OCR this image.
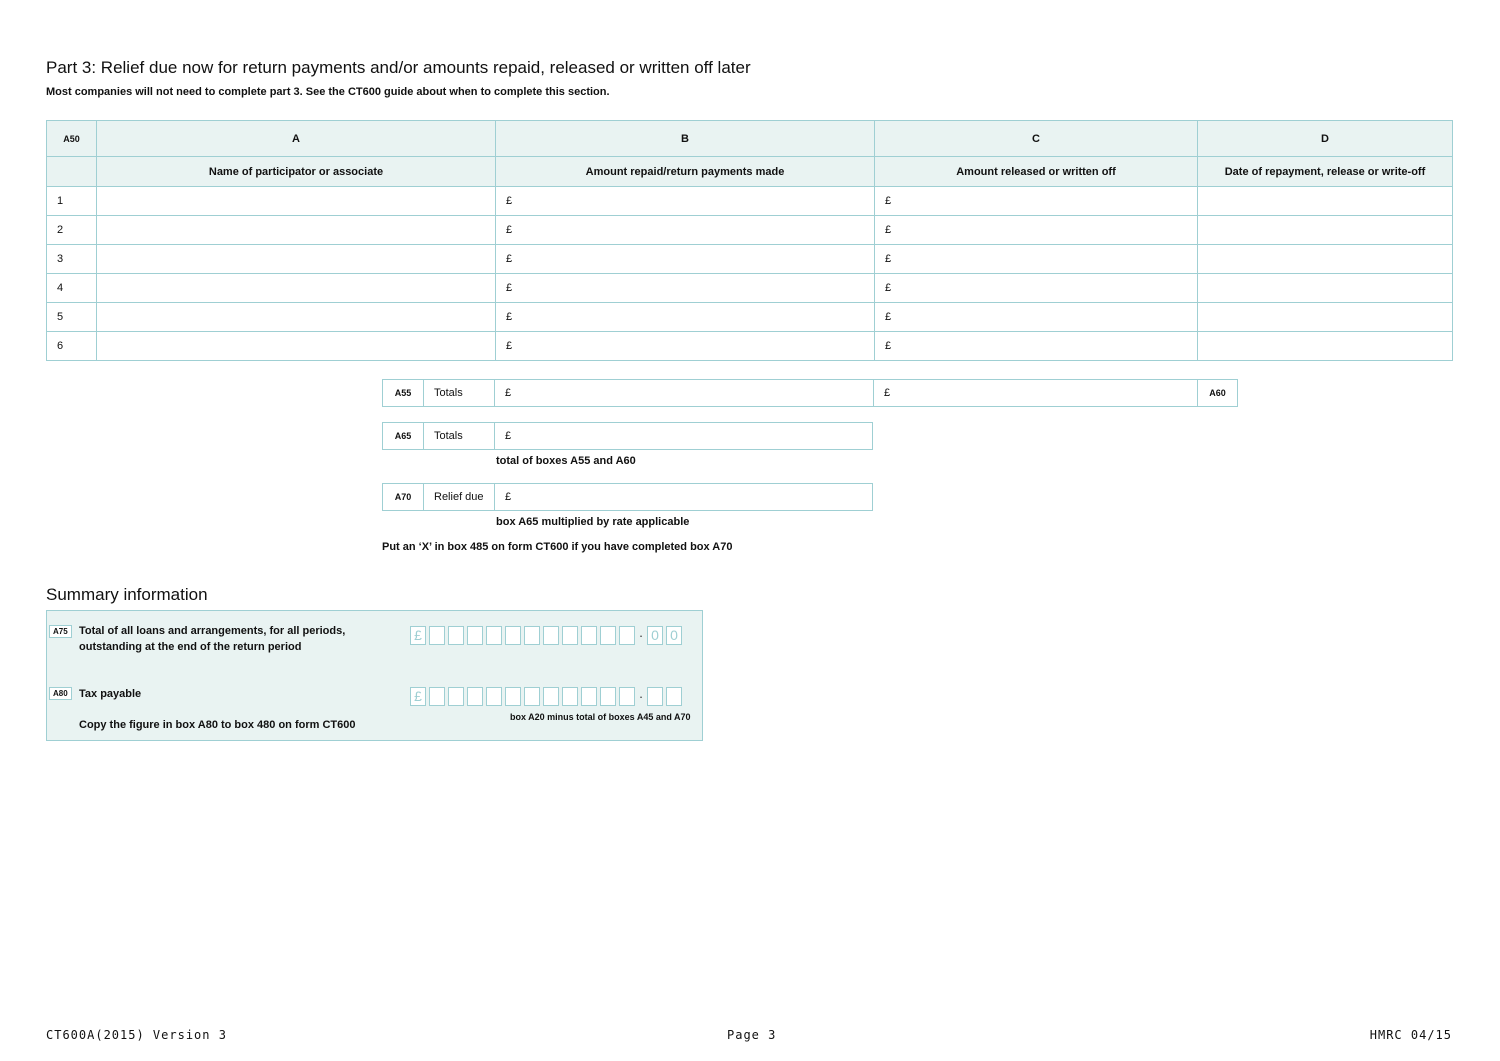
Part 3: Relief due now for return payments and/or amounts repaid, released or written off later
Most companies will not need to complete part 3. See the CT600 guide about when to complete this section.
A50	A	B	C	D
	Name of participator or associate	Amount repaid/return payments made	Amount released or written off	Date of repayment, release or write-off
1		£	£	
2		£	£	
3		£	£	
4		£	£	
5		£	£	
6		£	£	
A55	Totals	£	£	A60
A65	Totals	£
total of boxes A55 and A60
A70	Relief due	£
box A65 multiplied by rate applicable
Put an ‘X’ in box 485 on form CT600 if you have completed box A70
Summary information
A75	Total of all loans and arrangements, for all periods,
outstanding at the end of the return period
£	· 0 0
A80	Tax payable	£	·
box A20 minus total of boxes A45 and A70
Copy the figure in box A80 to box 480 on form CT600
CT600A(2015) Version 3	Page 3	HMRC 04/15
